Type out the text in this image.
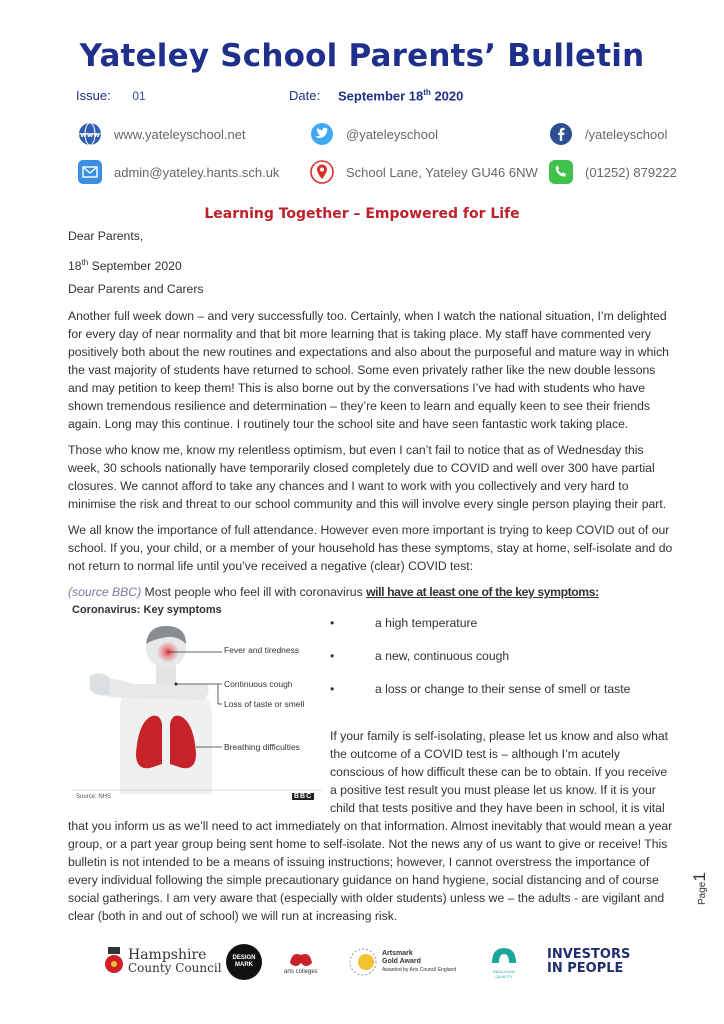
Yateley School Parents’ Bulletin
Issue: 01	Date: September 18th 2020
www www.yateleyschool.net	@yateleyschool	/yateleyschool
admin@yateley.hants.sch.uk	School Lane, Yateley GU46 6NW	(01252) 879222
Learning Together – Empowered for Life
Dear Parents,
18th September 2020
Dear Parents and Carers
Another full week down – and very successfully too. Certainly, when I watch the national situation, I’m delighted for every day of near normality and that bit more learning that is taking place. My staff have commented very positively both about the new routines and expectations and also about the purposeful and mature way in which the vast majority of students have returned to school. Some even privately rather like the new double lessons and may petition to keep them! This is also borne out by the conversations I’ve had with students who have shown tremendous resilience and determination – they’re keen to learn and equally keen to see their friends again. Long may this continue. I routinely tour the school site and have seen fantastic work taking place.
Those who know me, know my relentless optimism, but even I can’t fail to notice that as of Wednesday this week, 30 schools nationally have temporarily closed completely due to COVID and well over 300 have partial closures. We cannot afford to take any chances and I want to work with you collectively and very hard to minimise the risk and threat to our school community and this will involve every single person playing their part.
We all know the importance of full attendance. However even more important is trying to keep COVID out of our school. If you, your child, or a member of your household has these symptoms, stay at home, self-isolate and do not return to normal life until you’ve received a negative (clear) COVID test:
(source BBC) Most people who feel ill with coronavirus will have at least one of the key symptoms:
Coronavirus: Key symptoms
Fever and tiredness
Continuous cough
Loss of taste or smell
Breathing difficulties
Source: NHS	BBC
•	a high temperature
•	a new, continuous cough
•	a loss or change to their sense of smell or taste
If your family is self-isolating, please let us know and also what the outcome of a COVID test is – although I’m acutely conscious of how difficult these can be to obtain. If you receive a positive test result you must please let us know. If it is your child that tests positive and they have been in school, it is vital
that you inform us as we’ll need to act immediately on that information. Almost inevitably that would mean a year group, or a part year group being sent home to self-isolate. Not the news any of us want to give or receive! This bulletin is not intended to be a means of issuing instructions; however, I cannot overstress the importance of every individual following the simple precautionary guidance on hand hygiene, social distancing and of course social gatherings. I am very aware that (especially with older students) unless we – the adults - are vigilant and clear (both in and out of school) we will run at increasing risk.
Page1
Hampshire
County Council
DESIGN MARK
arts colleges
Artsmark
Gold Award
Awarded by Arts Council England	INCLUSION QUALITY
INVESTORS
IN PEOPLE
